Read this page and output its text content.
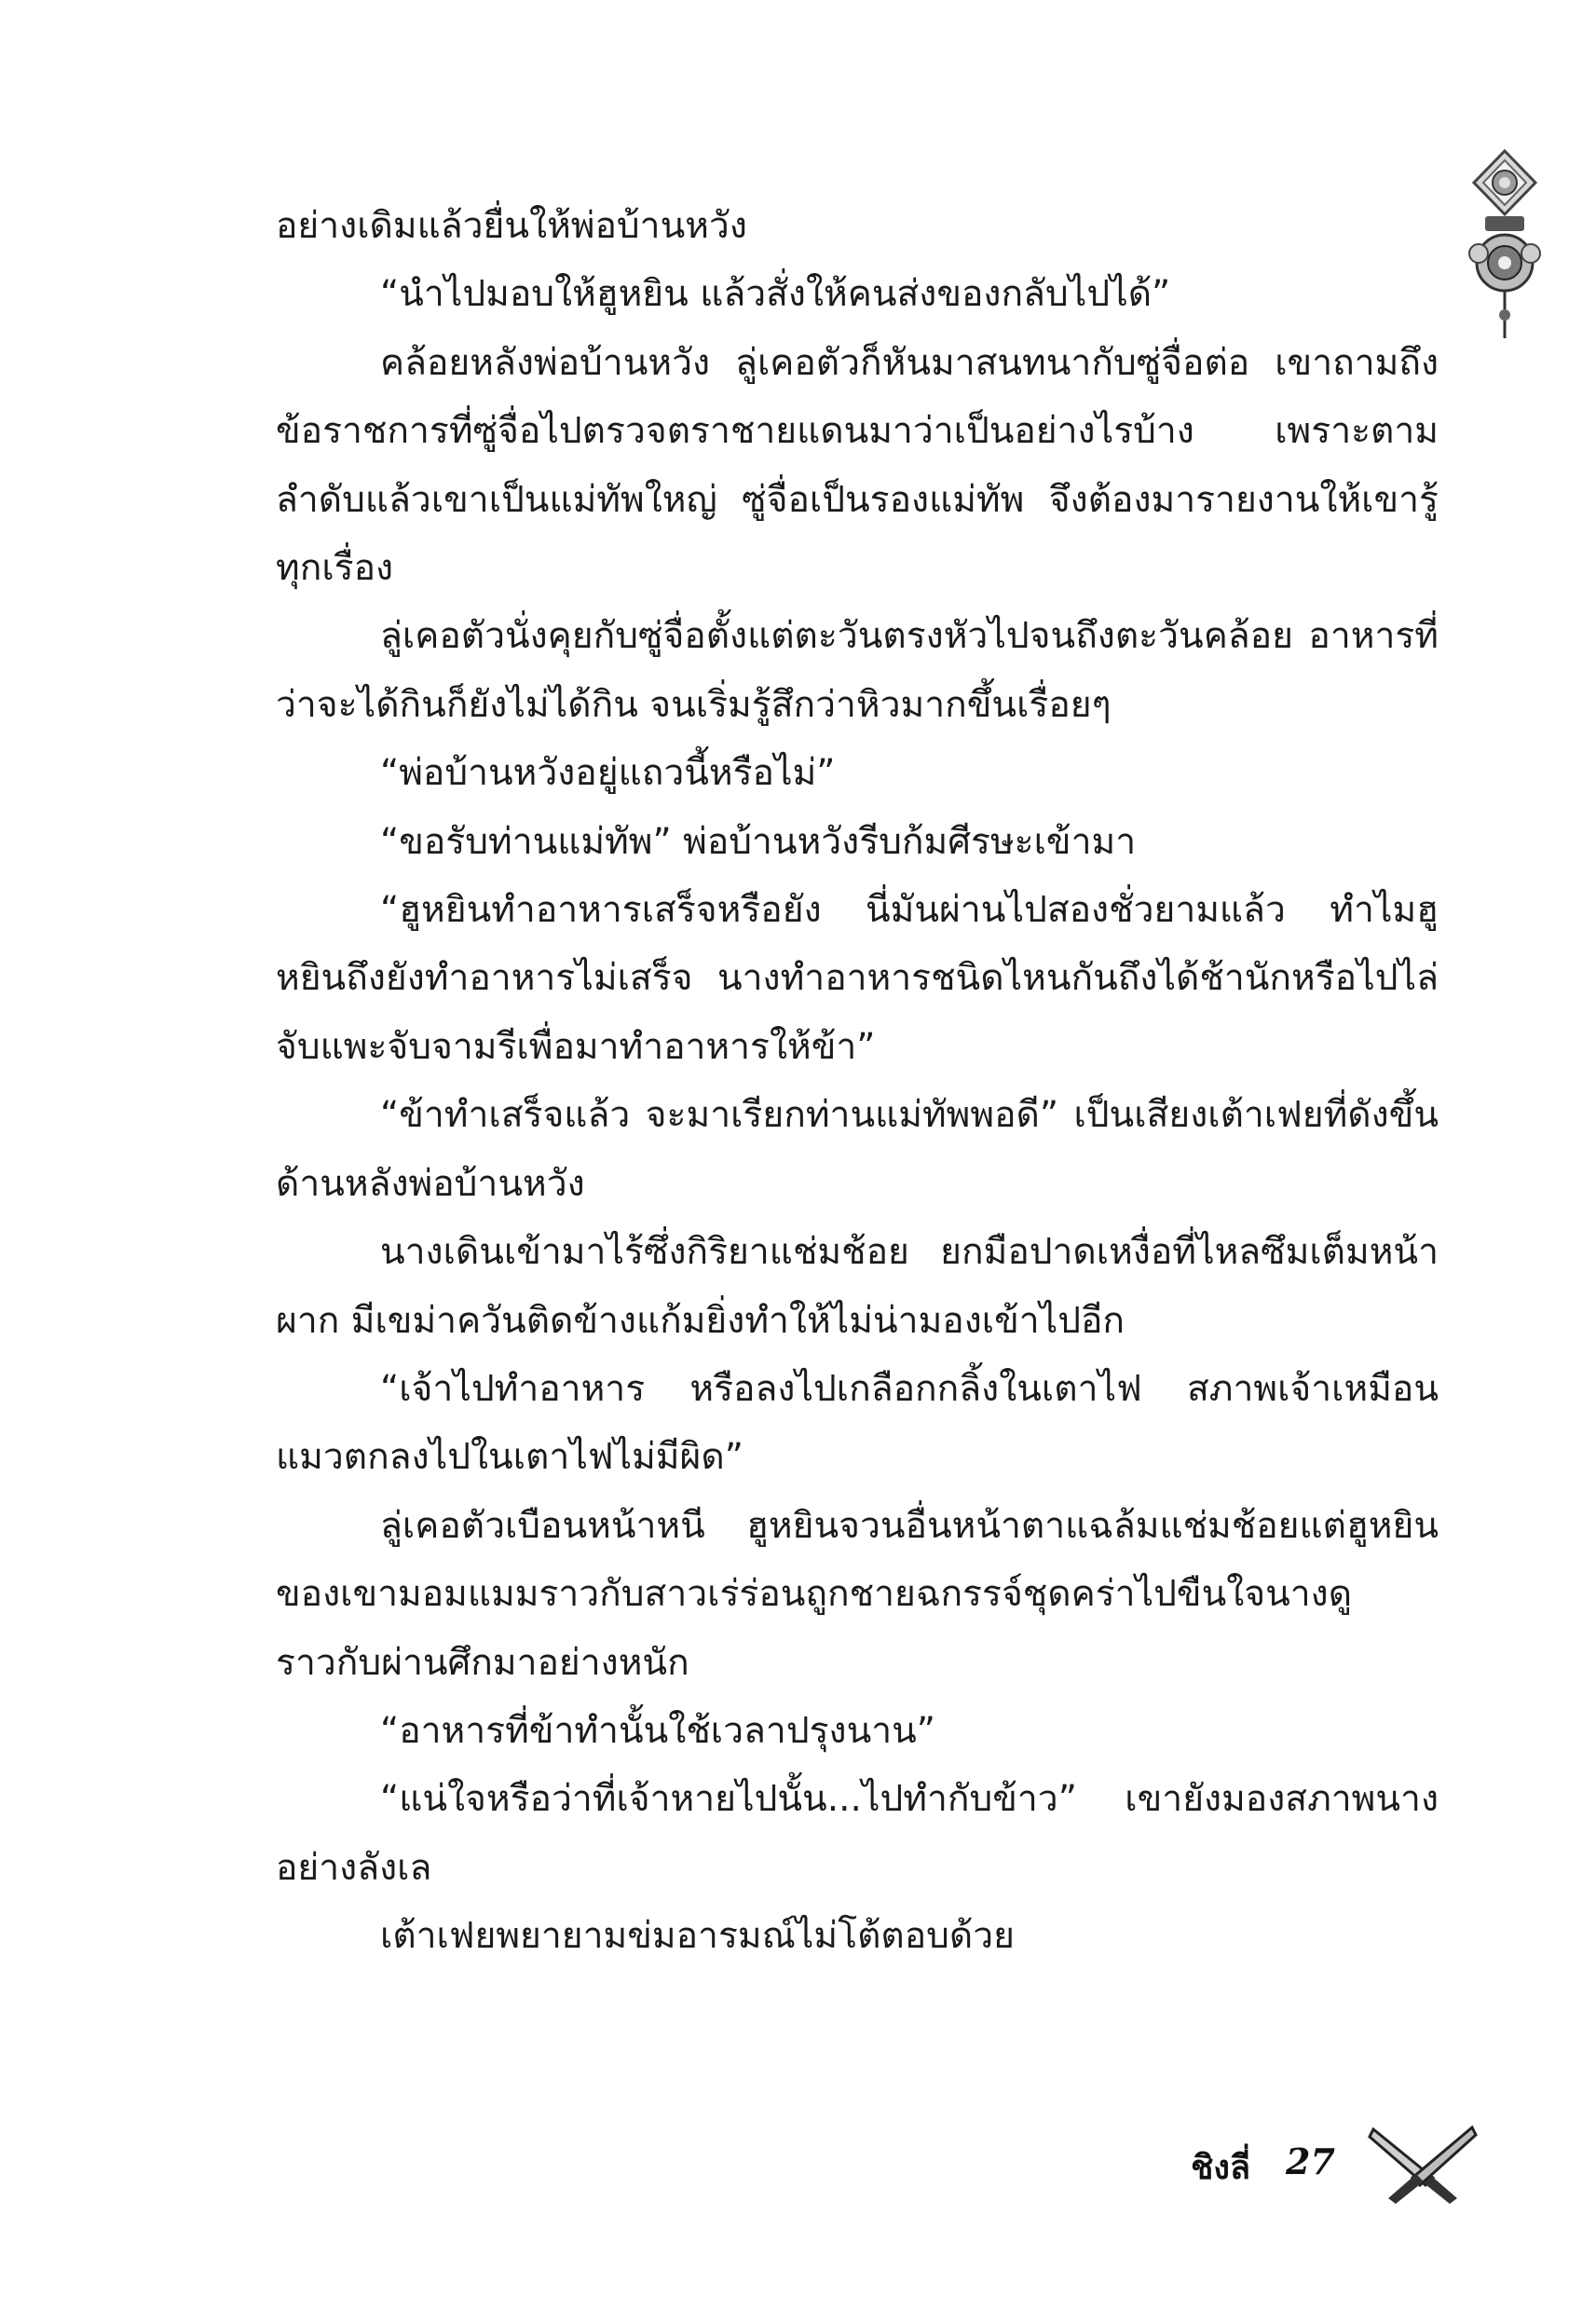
อย่างเดิมแล้วยื่นให้พ่อบ้านหวัง

“นำไปมอบให้ฮูหยิน แล้วสั่งให้คนส่งของกลับไปได้”

คล้อยหลังพ่อบ้านหวัง ลู่เคอตัวก็หันมาสนทนากับซู่จื่อต่อ เขาถามถึงข้อราชการที่ซู่จื่อไปตรวจตราชายแดนมาว่าเป็นอย่างไรบ้าง เพราะตามลำดับแล้วเขาเป็นแม่ทัพใหญ่ ซู่จื่อเป็นรองแม่ทัพ จึงต้องมารายงานให้เขารู้ทุกเรื่อง

ลู่เคอตัวนั่งคุยกับซู่จื่อตั้งแต่ตะวันตรงหัวไปจนถึงตะวันคล้อย อาหารที่ว่าจะได้กินก็ยังไม่ได้กิน จนเริ่มรู้สึกว่าหิวมากขึ้นเรื่อยๆ

“พ่อบ้านหวังอยู่แถวนี้หรือไม่”

“ขอรับท่านแม่ทัพ” พ่อบ้านหวังรีบก้มศีรษะเข้ามา

“ฮูหยินทำอาหารเสร็จหรือยัง นี่มันผ่านไปสองชั่วยามแล้ว ทำไมฮูหยินถึงยังทำอาหารไม่เสร็จ นางทำอาหารชนิดไหนกันถึงได้ช้านักหรือไปไล่จับแพะจับจามรีเพื่อมาทำอาหารให้ข้า”

“ข้าทำเสร็จแล้ว จะมาเรียกท่านแม่ทัพพอดี” เป็นเสียงเต้าเฟยที่ดังขึ้นด้านหลังพ่อบ้านหวัง

นางเดินเข้ามาไร้ซึ่งกิริยาแช่มช้อย ยกมือปาดเหงื่อที่ไหลซึมเต็มหน้าผาก มีเขม่าควันติดข้างแก้มยิ่งทำให้ไม่น่ามองเข้าไปอีก

“เจ้าไปทำอาหาร หรือลงไปเกลือกกลิ้งในเตาไฟ สภาพเจ้าเหมือนแมวตกลงไปในเตาไฟไม่มีผิด”

ลู่เคอตัวเบือนหน้าหนี ฮูหยินจวนอื่นหน้าตาแฉล้มแช่มช้อยแต่ฮูหยินของเขามอมแมมราวกับสาวเร่ร่อนถูกชายฉกรรจ์ชุดคร่าไปขืนใจนางดูราวกับผ่านศึกมาอย่างหนัก

“อาหารที่ข้าทำนั้นใช้เวลาปรุงนาน”

“แน่ใจหรือว่าที่เจ้าหายไปนั้น...ไปทำกับข้าว” เขายังมองสภาพนางอย่างลังเล

เต้าเฟยพยายามข่มอารมณ์ไม่โต้ตอบด้วย

ชิงลี่ 27
